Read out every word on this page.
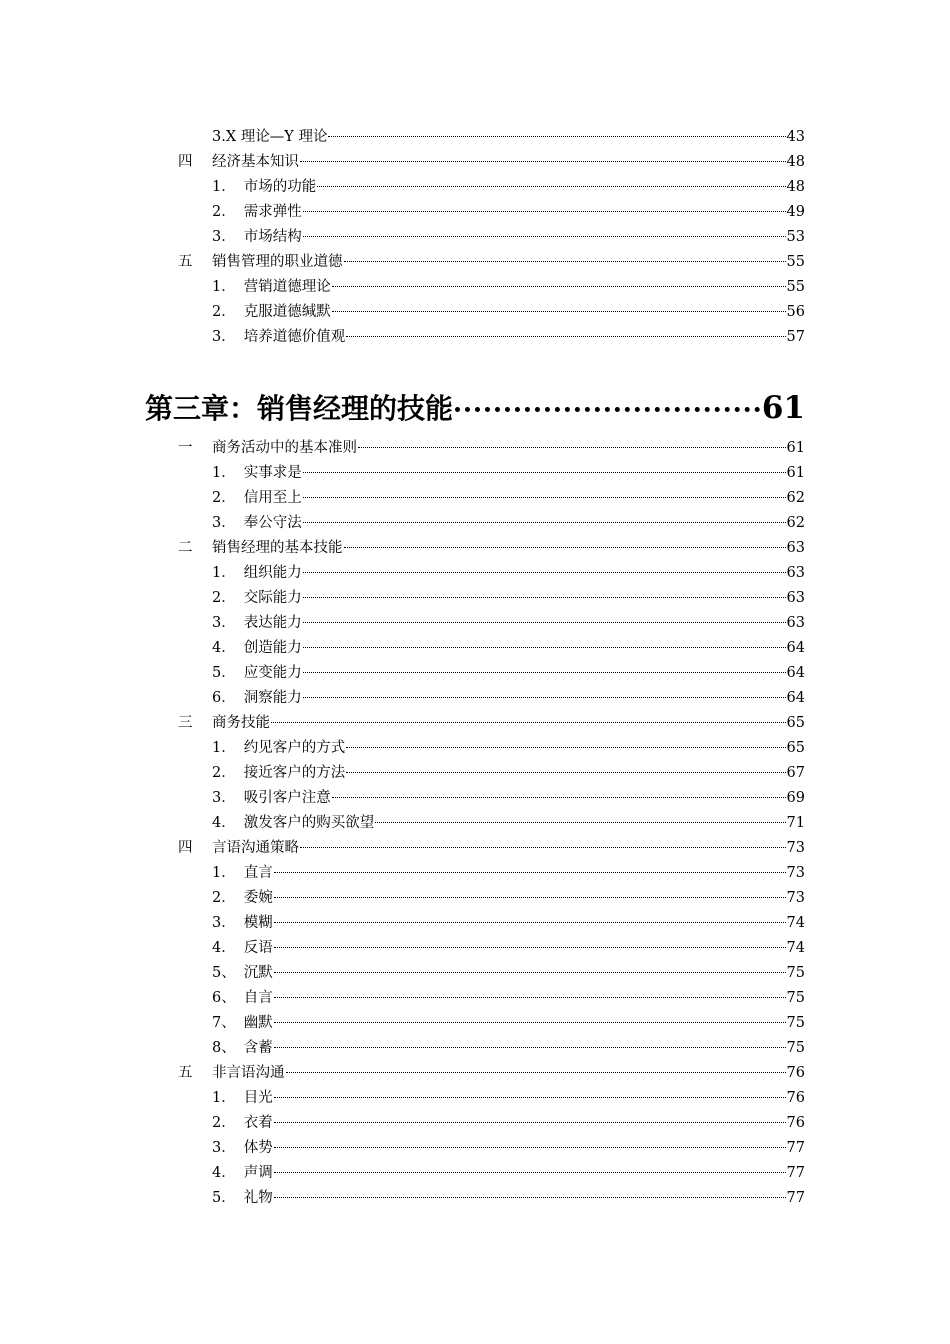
3.X 理论—Y 理论	43
四	经济基本知识	48
1． 市场的功能	48
2． 需求弹性	49
3． 市场结构	53
五	销售管理的职业道德	55
1． 营销道德理论	55
2． 克服道德缄默	56
3． 培养道德价值观	57
第三章：销售经理的技能	61
一	商务活动中的基本准则	61
1． 实事求是	61
2． 信用至上	62
3． 奉公守法	62
二	销售经理的基本技能	63
1． 组织能力	63
2． 交际能力	63
3． 表达能力	63
4． 创造能力	64
5． 应变能力	64
6． 洞察能力	64
三	商务技能	65
1． 约见客户的方式	65
2． 接近客户的方法	67
3． 吸引客户注意	69
4． 激发客户的购买欲望	71
四	言语沟通策略	73
1． 直言	73
2． 委婉	73
3． 模糊	74
4． 反语	74
5、 沉默	75
6、 自言	75
7、 幽默	75
8、 含蓄	75
五	非言语沟通	76
1． 目光	76
2． 衣着	76
3． 体势	77
4． 声调	77
5． 礼物	77
